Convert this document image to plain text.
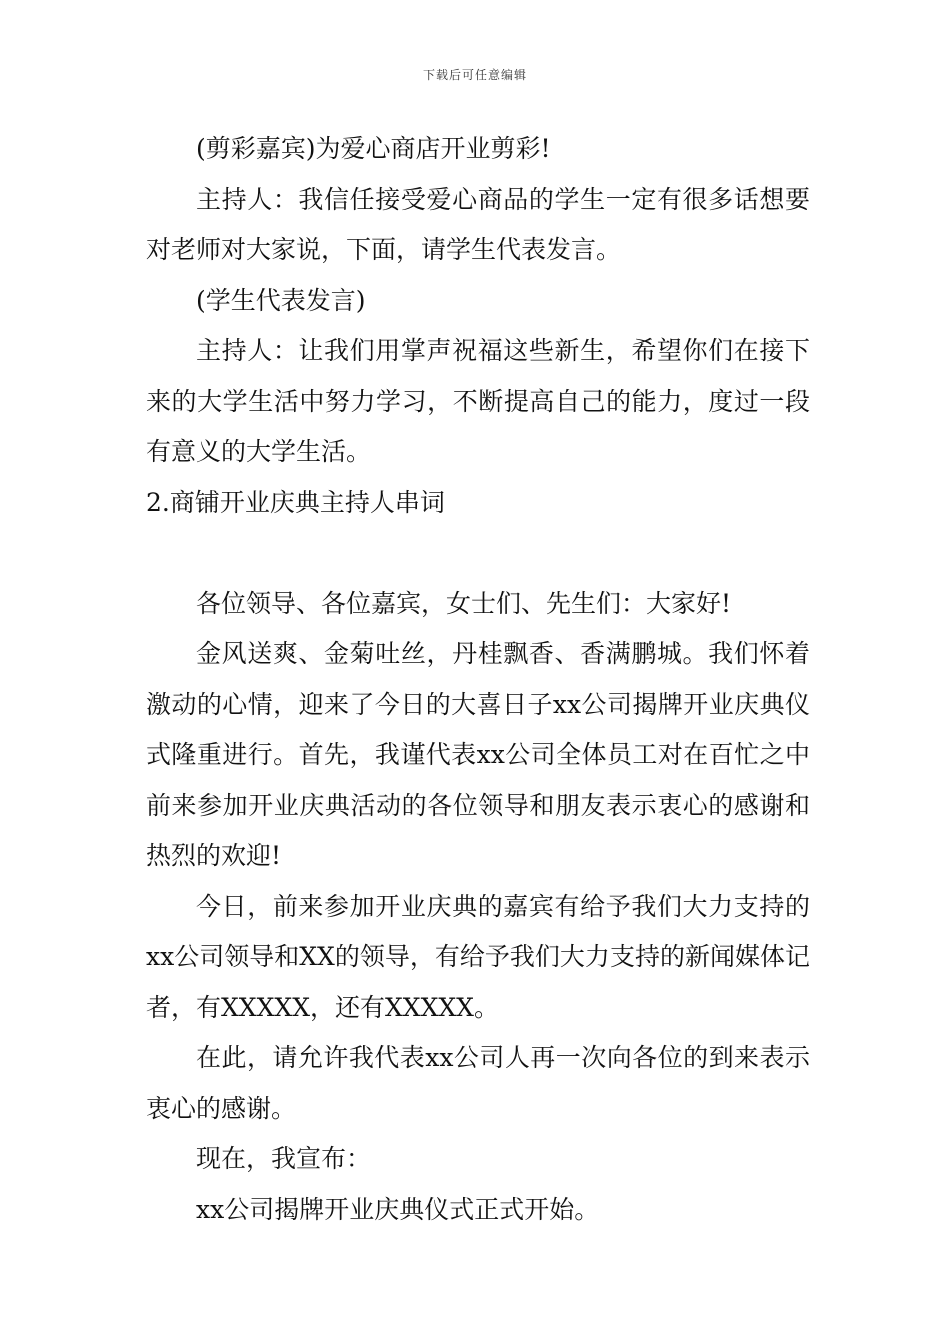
下载后可任意编辑

(剪彩嘉宾)为爱心商店开业剪彩!

主持人：我信任接受爱心商品的学生一定有很多话想要对老师对大家说，下面，请学生代表发言。

(学生代表发言)

主持人：让我们用掌声祝福这些新生，希望你们在接下来的大学生活中努力学习，不断提高自己的能力，度过一段有意义的大学生活。

2.商铺开业庆典主持人串词

各位领导、各位嘉宾，女士们、先生们：大家好!

金风送爽、金菊吐丝，丹桂飘香、香满鹏城。我们怀着激动的心情，迎来了今日的大喜日子xx公司揭牌开业庆典仪式隆重进行。首先，我谨代表xx公司全体员工对在百忙之中前来参加开业庆典活动的各位领导和朋友表示衷心的感谢和热烈的欢迎!

今日，前来参加开业庆典的嘉宾有给予我们大力支持的xx公司领导和XX的领导，有给予我们大力支持的新闻媒体记者，有XXXXX，还有XXXXX。

在此，请允许我代表xx公司人再一次向各位的到来表示衷心的感谢。

现在，我宣布：

xx公司揭牌开业庆典仪式正式开始。
